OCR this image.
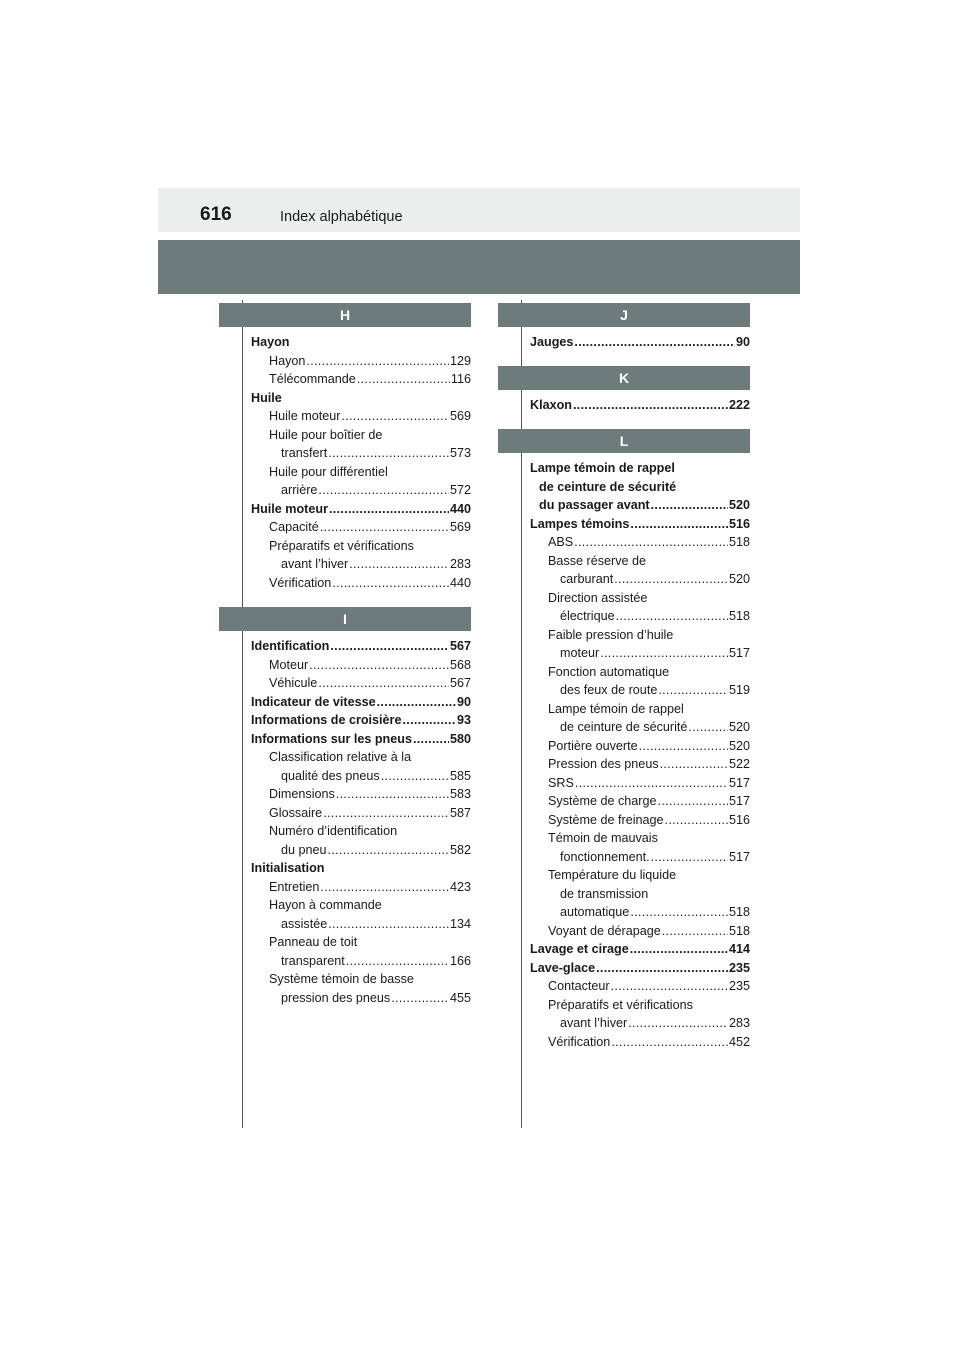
616	Index alphabétique
H
Hayon
Hayon .....	129
Télécommande .....	116
Huile
Huile moteur .....	569
Huile pour boîtier de
transfert .....	573
Huile pour différentiel
arrière .....	572
Huile moteur .....	440
Capacité .....	569
Préparatifs et vérifications
avant l’hiver .....	283
Vérification .....	440
I
Identification .....	567
Moteur .....	568
Véhicule .....	567
Indicateur de vitesse .....	90
Informations de croisière .....	93
Informations sur les pneus .....	580
Classification relative à la
qualité des pneus .....	585
Dimensions .....	583
Glossaire .....	587
Numéro d’identification
du pneu .....	582
Initialisation
Entretien .....	423
Hayon à commande
assistée .....	134
Panneau de toit
transparent .....	166
Système témoin de basse
pression des pneus .....	455
J
Jauges .....	90
K
Klaxon .....	222
L
Lampe témoin de rappel
de ceinture de sécurité
du passager avant .....	520
Lampes témoins .....	516
ABS .....	518
Basse réserve de
carburant .....	520
Direction assistée
électrique .....	518
Faible pression d’huile
moteur .....	517
Fonction automatique
des feux de route .....	519
Lampe témoin de rappel
de ceinture de sécurité .....	520
Portière ouverte .....	520
Pression des pneus .....	522
SRS .....	517
Système de charge .....	517
Système de freinage .....	516
Témoin de mauvais
fonctionnement. .....	517
Température du liquide
de transmission
automatique .....	518
Voyant de dérapage .....	518
Lavage et cirage .....	414
Lave-glace .....	235
Contacteur .....	235
Préparatifs et vérifications
avant l’hiver .....	283
Vérification .....	452
